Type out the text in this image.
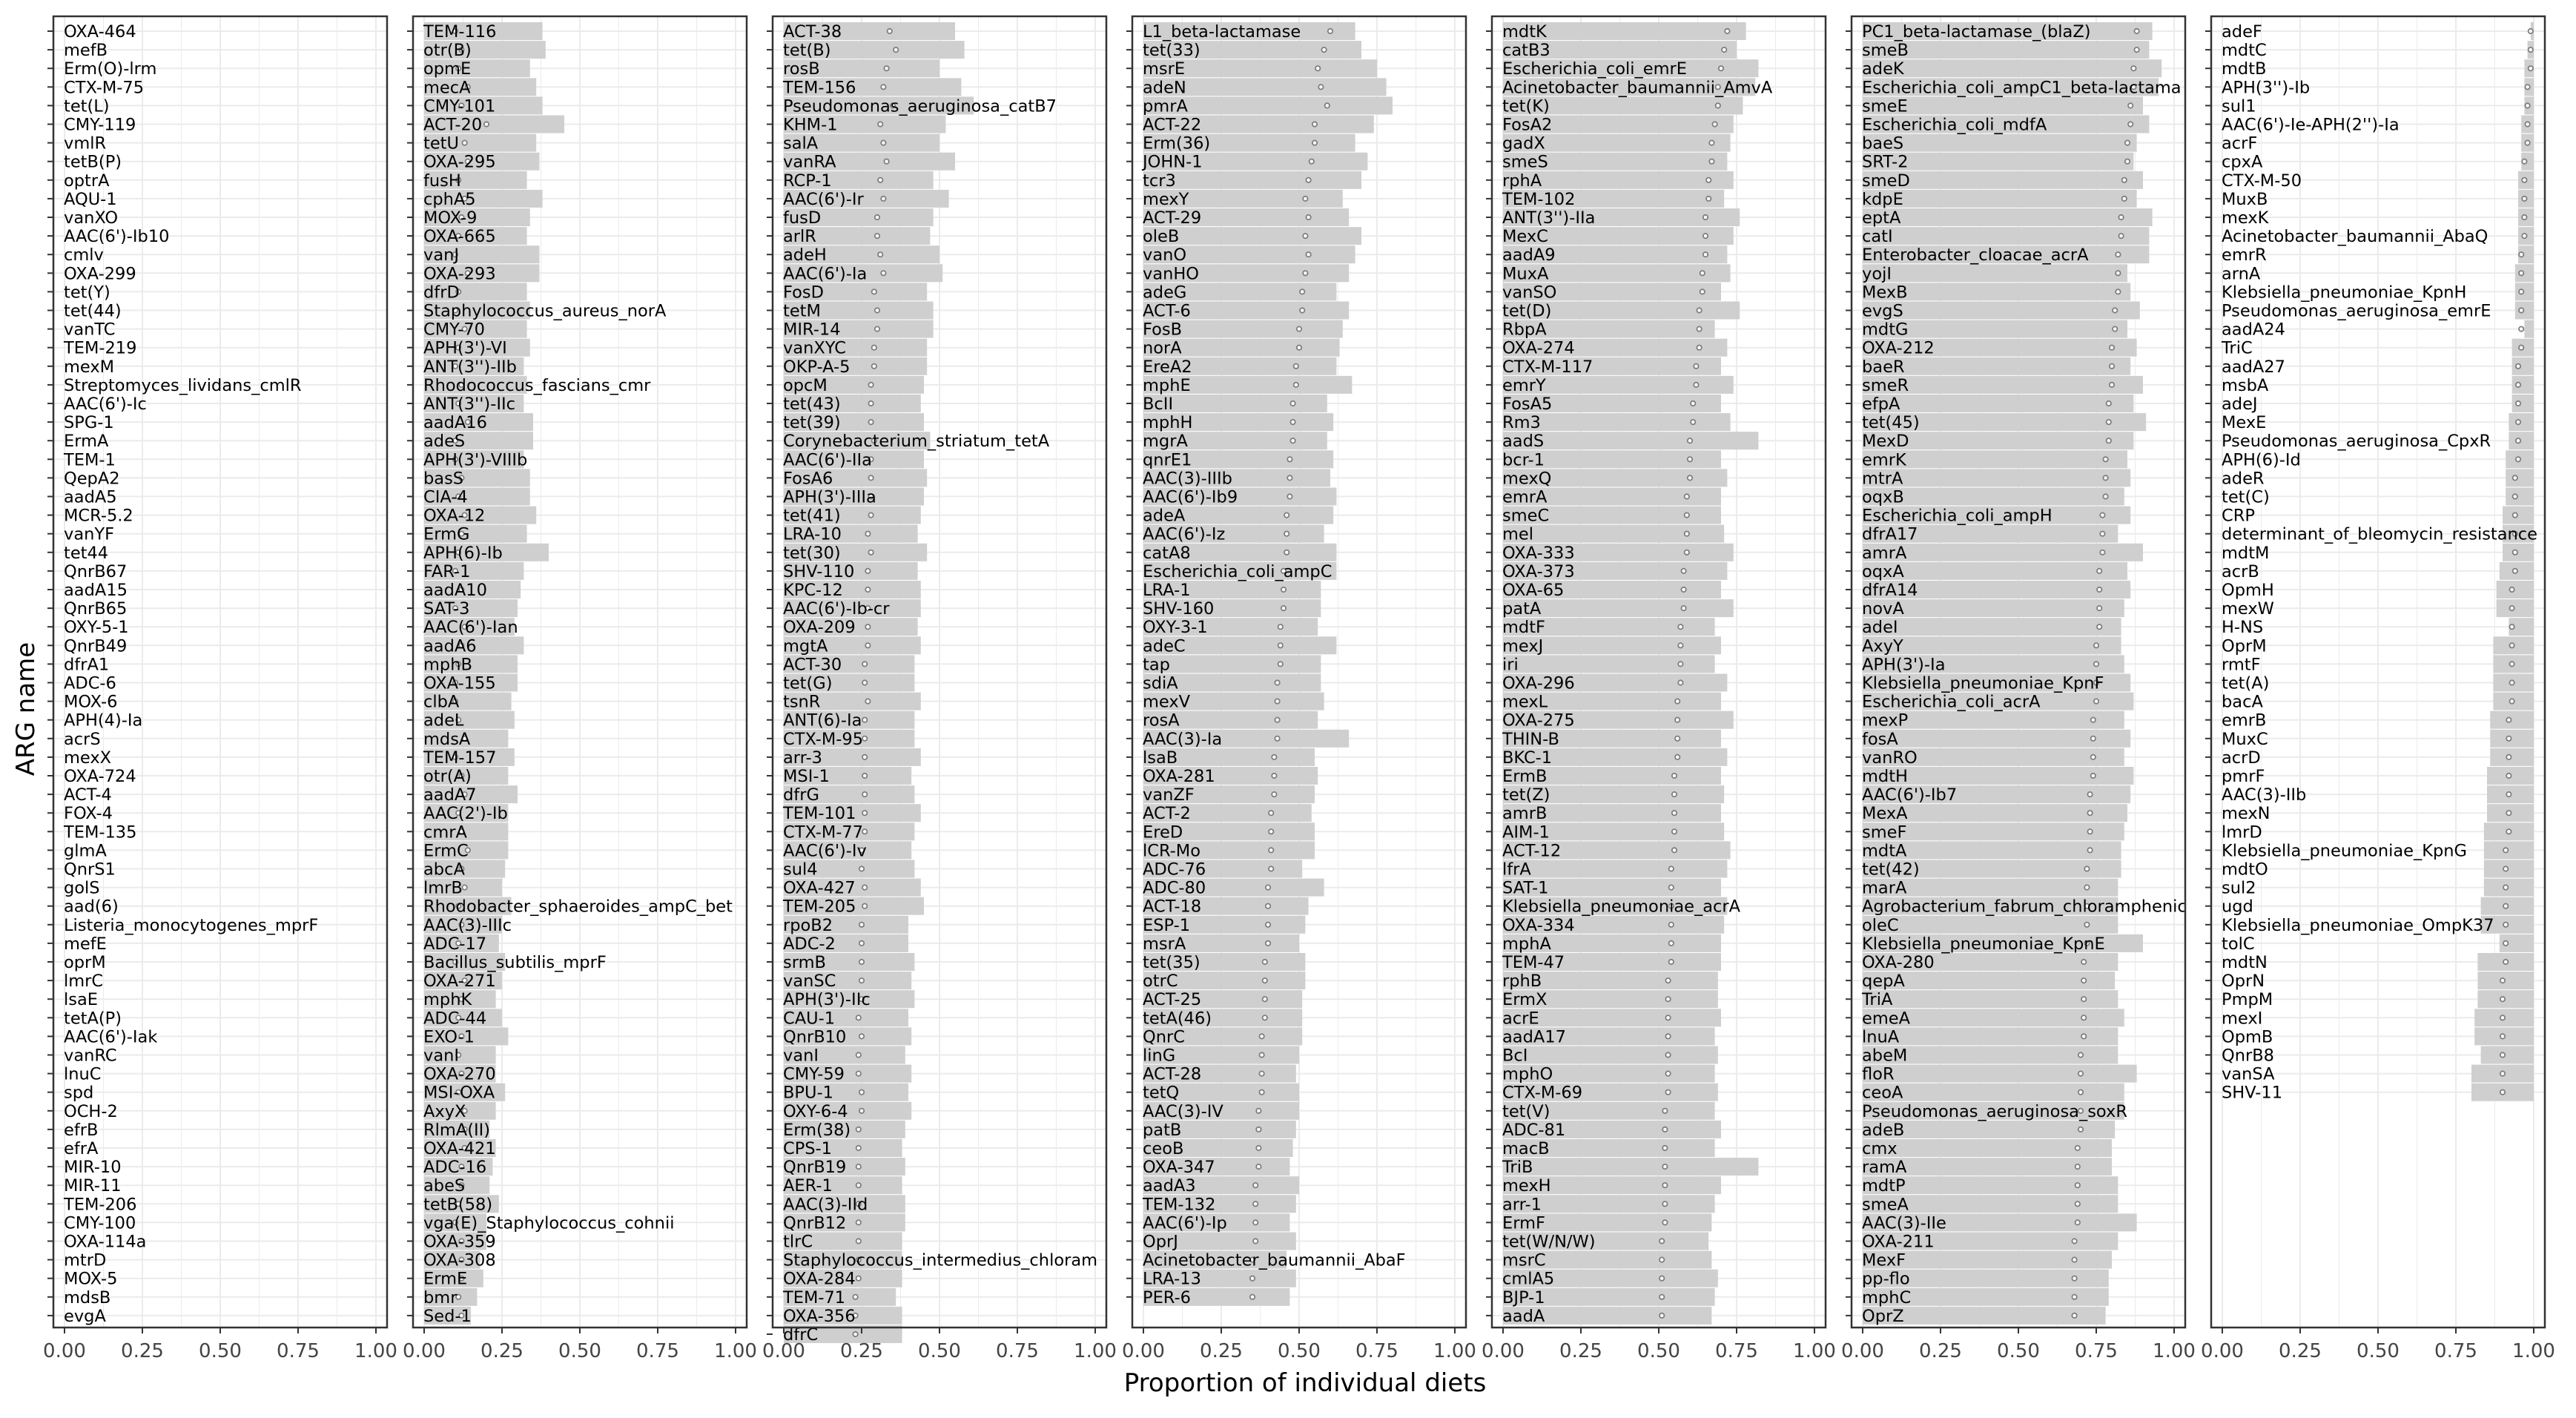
OXA-464
mefB
Erm(O)-lrm
CTX-M-75
tet(L)
CMY-119
vmlR
tetB(P)
optrA
AQU-1
vanXO
AAC(6')-Ib10
cmlv
OXA-299
tet(Y)
tet(44)
vanTC
TEM-219
mexM
Streptomyces_lividans_cmlR
AAC(6')-Ic
SPG-1
ErmA
TEM-1
QepA2
aadA5
MCR-5.2
vanYF
tet44
QnrB67
aadA15
QnrB65
OXY-5-1
QnrB49
dfrA1
ADC-6
MOX-6
APH(4)-Ia
acrS
mexX
OXA-724
ACT-4
FOX-4
TEM-135
glmA
QnrS1
golS
aad(6)
Listeria_monocytogenes_mprF
mefE
oprM
lmrC
lsaE
tetA(P)
AAC(6')-Iak
vanRC
lnuC
spd
OCH-2
efrB
efrA
MIR-10
MIR-11
TEM-206
CMY-100
OXA-114a
mtrD
MOX-5
mdsB
evgA
0.00 0.25 0.50 0.75 1.00
TEM-116
otr(B)
opmE
mecA
CMY-101
ACT-20
tetU
OXA-295
fusH
cphA5
MOX-9
OXA-665
vanJ
OXA-293
dfrD
Staphylococcus_aureus_norA
CMY-70
APH(3')-VI
ANT(3'')-IIb
Rhodococcus_fascians_cmr
ANT(3'')-IIc
aadA16
adeS
APH(3')-VIIIb
basS
CIA-4
OXA-12
ErmG
APH(6)-Ib
FAR-1
aadA10
SAT-3
AAC(6')-Ian
aadA6
mphB
OXA-155
clbA
adeL
mdsA
TEM-157
otr(A)
aadA7
AAC(2')-Ib
cmrA
ErmC
abcA
lmrB
Rhodobacter_sphaeroides_ampC_bet
AAC(3)-IIIc
ADC-17
Bacillus_subtilis_mprF
OXA-271
mphK
ADC-44
EXO-1
vanI
OXA-270
MSI-OXA
AxyX
RlmA(II)
OXA-421
ADC-16
abeS
tetB(58)
vga(E)_Staphylococcus_cohnii
OXA-359
OXA-308
ErmE
bmr
Sed-1
0.00 0.25 0.50 0.75 1.00
ACT-38
tet(B)
rosB
TEM-156
Pseudomonas_aeruginosa_catB7
KHM-1
salA
vanRA
RCP-1
AAC(6')-Ir
fusD
arlR
adeH
AAC(6')-Ia
FosD
tetM
MIR-14
vanXYC
OKP-A-5
opcM
tet(43)
tet(39)
Corynebacterium_striatum_tetA
AAC(6')-IIa
FosA6
APH(3')-IIIa
tet(41)
LRA-10
tet(30)
SHV-110
KPC-12
AAC(6')-Ib-cr
OXA-209
mgtA
ACT-30
tet(G)
tsnR
ANT(6)-Ia
CTX-M-95
arr-3
MSI-1
dfrG
TEM-101
CTX-M-77
AAC(6')-Iv
sul4
OXA-427
TEM-205
rpoB2
ADC-2
srmB
vanSC
APH(3')-IIc
CAU-1
QnrB10
vanI
CMY-59
BPU-1
OXY-6-4
Erm(38)
CPS-1
QnrB19
AER-1
AAC(3)-IId
QnrB12
tlrC
Staphylococcus_intermedius_chloram
OXA-284
TEM-71
OXA-356
dfrC
0.00 0.25 0.50 0.75 1.00
L1_beta-lactamase
tet(33)
msrE
adeN
pmrA
ACT-22
Erm(36)
JOHN-1
tcr3
mexY
ACT-29
oleB
vanO
vanHO
adeG
ACT-6
FosB
norA
EreA2
mphE
BcII
mphH
mgrA
qnrE1
AAC(3)-IIIb
AAC(6')-Ib9
adeA
AAC(6')-Iz
catA8
Escherichia_coli_ampC
LRA-1
SHV-160
OXY-3-1
adeC
tap
sdiA
mexV
rosA
AAC(3)-Ia
lsaB
OXA-281
vanZF
ACT-2
EreD
lCR-Mo
ADC-76
ADC-80
ACT-18
ESP-1
msrA
tet(35)
otrC
ACT-25
tetA(46)
QnrC
linG
ACT-28
tetQ
AAC(3)-IV
patB
ceoB
OXA-347
aadA3
TEM-132
AAC(6')-Ip
OprJ
Acinetobacter_baumannii_AbaF
LRA-13
PER-6
0.00 0.25 0.50 0.75 1.00
mdtK
catB3
Escherichia_coli_emrE
Acinetobacter_baumannii_AmvA
tet(K)
FosA2
gadX
smeS
rphA
TEM-102
ANT(3'')-IIa
MexC
aadA9
MuxA
vanSO
tet(D)
RbpA
OXA-274
CTX-M-117
emrY
FosA5
Rm3
aadS
bcr-1
mexQ
emrA
smeC
mel
OXA-333
OXA-373
OXA-65
patA
mdtF
mexJ
iri
OXA-296
mexL
OXA-275
THIN-B
BKC-1
ErmB
tet(Z)
amrB
AIM-1
ACT-12
lfrA
SAT-1
Klebsiella_pneumoniae_acrA
OXA-334
mphA
TEM-47
rphB
ErmX
acrE
aadA17
BcI
mphO
CTX-M-69
tet(V)
ADC-81
macB
TriB
mexH
arr-1
ErmF
tet(W/N/W)
msrC
cmlA5
BJP-1
aadA
0.00 0.25 0.50 0.75 1.00
PC1_beta-lactamase_(blaZ)
smeB
adeK
Escherichia_coli_ampC1_beta-lactama
smeE
Escherichia_coli_mdfA
baeS
SRT-2
smeD
kdpE
eptA
catI
Enterobacter_cloacae_acrA
yojI
MexB
evgS
mdtG
OXA-212
baeR
smeR
efpA
tet(45)
MexD
emrK
mtrA
oqxB
Escherichia_coli_ampH
dfrA17
amrA
oqxA
dfrA14
novA
adeI
AxyY
APH(3')-Ia
Klebsiella_pneumoniae_KpnF
Escherichia_coli_acrA
mexP
fosA
vanRO
mdtH
AAC(6')-Ib7
MexA
smeF
mdtA
tet(42)
marA
Agrobacterium_fabrum_chloramphenic
oleC
Klebsiella_pneumoniae_KpnE
OXA-280
qepA
TriA
emeA
lnuA
abeM
floR
ceoA
Pseudomonas_aeruginosa_soxR
adeB
cmx
ramA
mdtP
smeA
AAC(3)-IIe
OXA-211
MexF
pp-flo
mphC
OprZ
0.00 0.25 0.50 0.75 1.00
adeF
mdtC
mdtB
APH(3'')-Ib
sul1
AAC(6')-Ie-APH(2'')-Ia
acrF
cpxA
CTX-M-50
MuxB
mexK
Acinetobacter_baumannii_AbaQ
emrR
arnA
Klebsiella_pneumoniae_KpnH
Pseudomonas_aeruginosa_emrE
aadA24
TriC
aadA27
msbA
adeJ
MexE
Pseudomonas_aeruginosa_CpxR
APH(6)-Id
adeR
tet(C)
CRP
determinant_of_bleomycin_resistance
mdtM
acrB
OpmH
mexW
H-NS
OprM
rmtF
tet(A)
bacA
emrB
MuxC
acrD
pmrF
AAC(3)-IIb
mexN
lmrD
Klebsiella_pneumoniae_KpnG
mdtO
sul2
ugd
Klebsiella_pneumoniae_OmpK37
tolC
mdtN
OprN
PmpM
mexI
OpmB
QnrB8
vanSA
SHV-11
0.00 0.25 0.50 0.75 1.00
ARG name
Proportion of individual diets
